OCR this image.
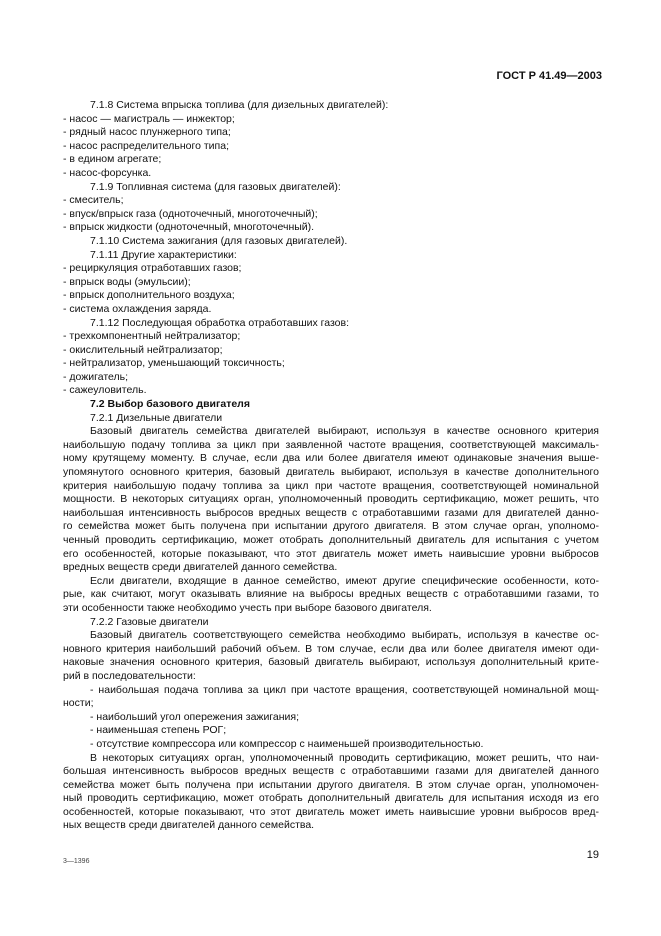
ГОСТ Р 41.49—2003

7.1.8 Система впрыска топлива (для дизельных двигателей):

- насос — магистраль — инжектор;

- рядный насос плунжерного типа;

- насос распределительного типа;

- в едином агрегате;

- насос-форсунка.

7.1.9 Топливная система (для газовых двигателей):

- смеситель;

- впуск/впрыск газа (одноточечный, многоточечный);

- впрыск жидкости (одноточечный, многоточечный).

7.1.10 Система зажигания (для газовых двигателей).

7.1.11 Другие характеристики:

- рециркуляция отработавших газов;

- впрыск воды (эмульсии);

- впрыск дополнительного воздуха;

- система охлаждения заряда.

7.1.12 Последующая обработка отработавших газов:

- трехкомпонентный нейтрализатор;

- окислительный нейтрализатор;

- нейтрализатор, уменьшающий токсичность;

- дожигатель;

- сажеуловитель.

7.2 Выбор базового двигателя

7.2.1 Дизельные двигатели

Базовый двигатель семейства двигателей выбирают, используя в качестве основного критерия

наибольшую подачу топлива за цикл при заявленной частоте вращения, соответствующей максималь-

ному крутящему моменту. В случае, если два или более двигателя имеют одинаковые значения выше-

упомянутого основного критерия, базовый двигатель выбирают, используя в качестве дополнительного

критерия наибольшую подачу топлива за цикл при частоте вращения, соответствующей номинальной

мощности. В некоторых ситуациях орган, уполномоченный проводить сертификацию, может решить, что

наибольшая интенсивность выбросов вредных веществ с отработавшими газами для двигателей данно-

го семейства может быть получена при испытании другого двигателя. В этом случае орган, уполномо-

ченный проводить сертификацию, может отобрать дополнительный двигатель для испытания с учетом

его особенностей, которые показывают, что этот двигатель может иметь наивысшие уровни выбросов

вредных веществ среди двигателей данного семейства.

Если двигатели, входящие в данное семейство, имеют другие специфические особенности, кото-

рые, как считают, могут оказывать влияние на выбросы вредных веществ с отработавшими газами, то

эти особенности также необходимо учесть при выборе базового двигателя.

7.2.2 Газовые двигатели

Базовый двигатель соответствующего семейства необходимо выбирать, используя в качестве ос-

новного критерия наибольший рабочий объем. В том случае, если два или более двигателя имеют оди-

наковые значения основного критерия, базовый двигатель выбирают, используя дополнительный крите-

рий в последовательности:

- наибольшая подача топлива за цикл при частоте вращения, соответствующей номинальной мощ-

ности;

- наибольший угол опережения зажигания;

- наименьшая степень РОГ;

- отсутствие компрессора или компрессор с наименьшей производительностью.

В некоторых ситуациях орган, уполномоченный проводить сертификацию, может решить, что наи-

большая интенсивность выбросов вредных веществ с отработавшими газами для двигателей данного

семейства может быть получена при испытании другого двигателя. В этом случае орган, уполномочен-

ный проводить сертификацию, может отобрать дополнительный двигатель для испытания исходя из его

особенностей, которые показывают, что этот двигатель может иметь наивысшие уровни выбросов вред-

ных веществ среди двигателей данного семейства.

3—1396
19
